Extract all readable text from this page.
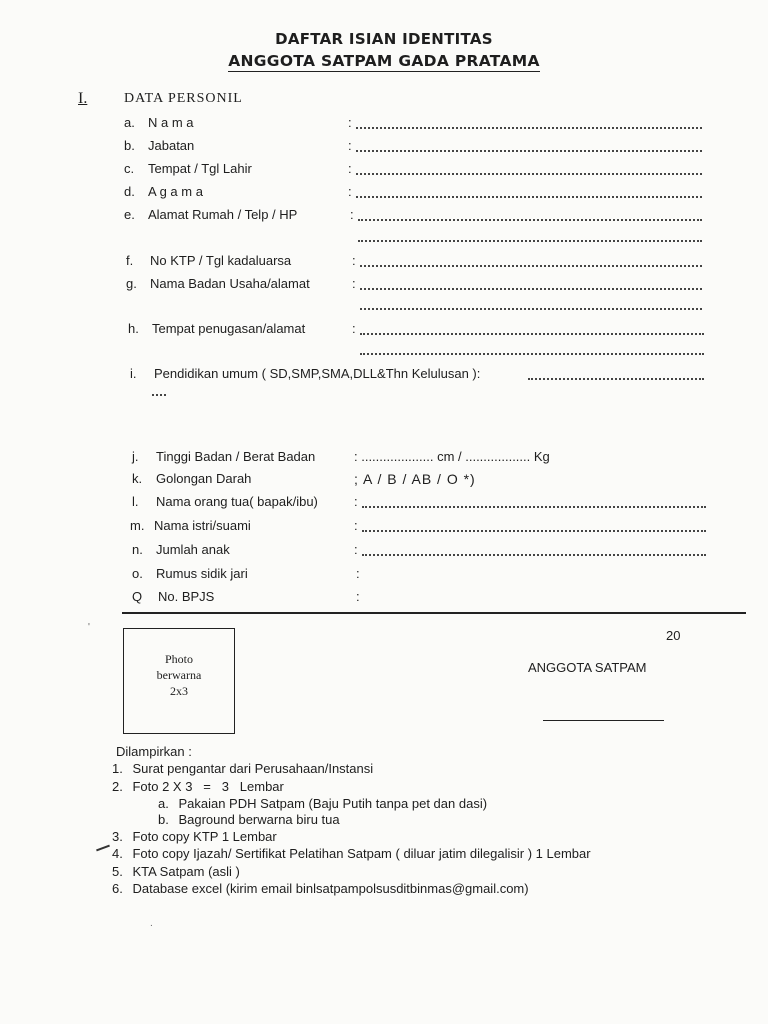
DAFTAR ISIAN IDENTITAS
ANGGOTA SATPAM GADA PRATAMA
I.	DATA PERSONIL
a. N a m a	:
b. Jabatan	:
c. Tempat / Tgl Lahir	:
d. A g a m a	:
e. Alamat Rumah / Telp / HP	:
f. No KTP / Tgl kadaluarsa	:
g. Nama Badan Usaha/alamat	:
h. Tempat penugasan/alamat	:
i. Pendidikan umum ( SD,SMP,SMA,DLL&Thn Kelulusan ):
j. Tinggi Badan / Berat Badan	: .................... cm / .................. Kg
k. Golongan Darah	; A / B / AB / O *)
l. Nama orang tua( bapak/ibu)	:
m. Nama istri/suami	:
n. Jumlah anak	:
o. Rumus sidik jari	:
Q No. BPJS	:
Photo
berwarna
2x3
20
ANGGOTA SATPAM
Dilampirkan :
1. Surat pengantar dari Perusahaan/Instansi
2. Foto 2 X 3   =   3   Lembar
a. Pakaian PDH Satpam (Baju Putih tanpa pet dan dasi)
b. Baground berwarna biru tua
3. Foto copy KTP 1 Lembar
4. Foto copy Ijazah/ Sertifikat Pelatihan Satpam ( diluar jatim dilegalisir ) 1 Lembar
5. KTA Satpam (asli )
6. Database excel (kirim email binlsatpampolsusditbinmas@gmail.com)
.
'
